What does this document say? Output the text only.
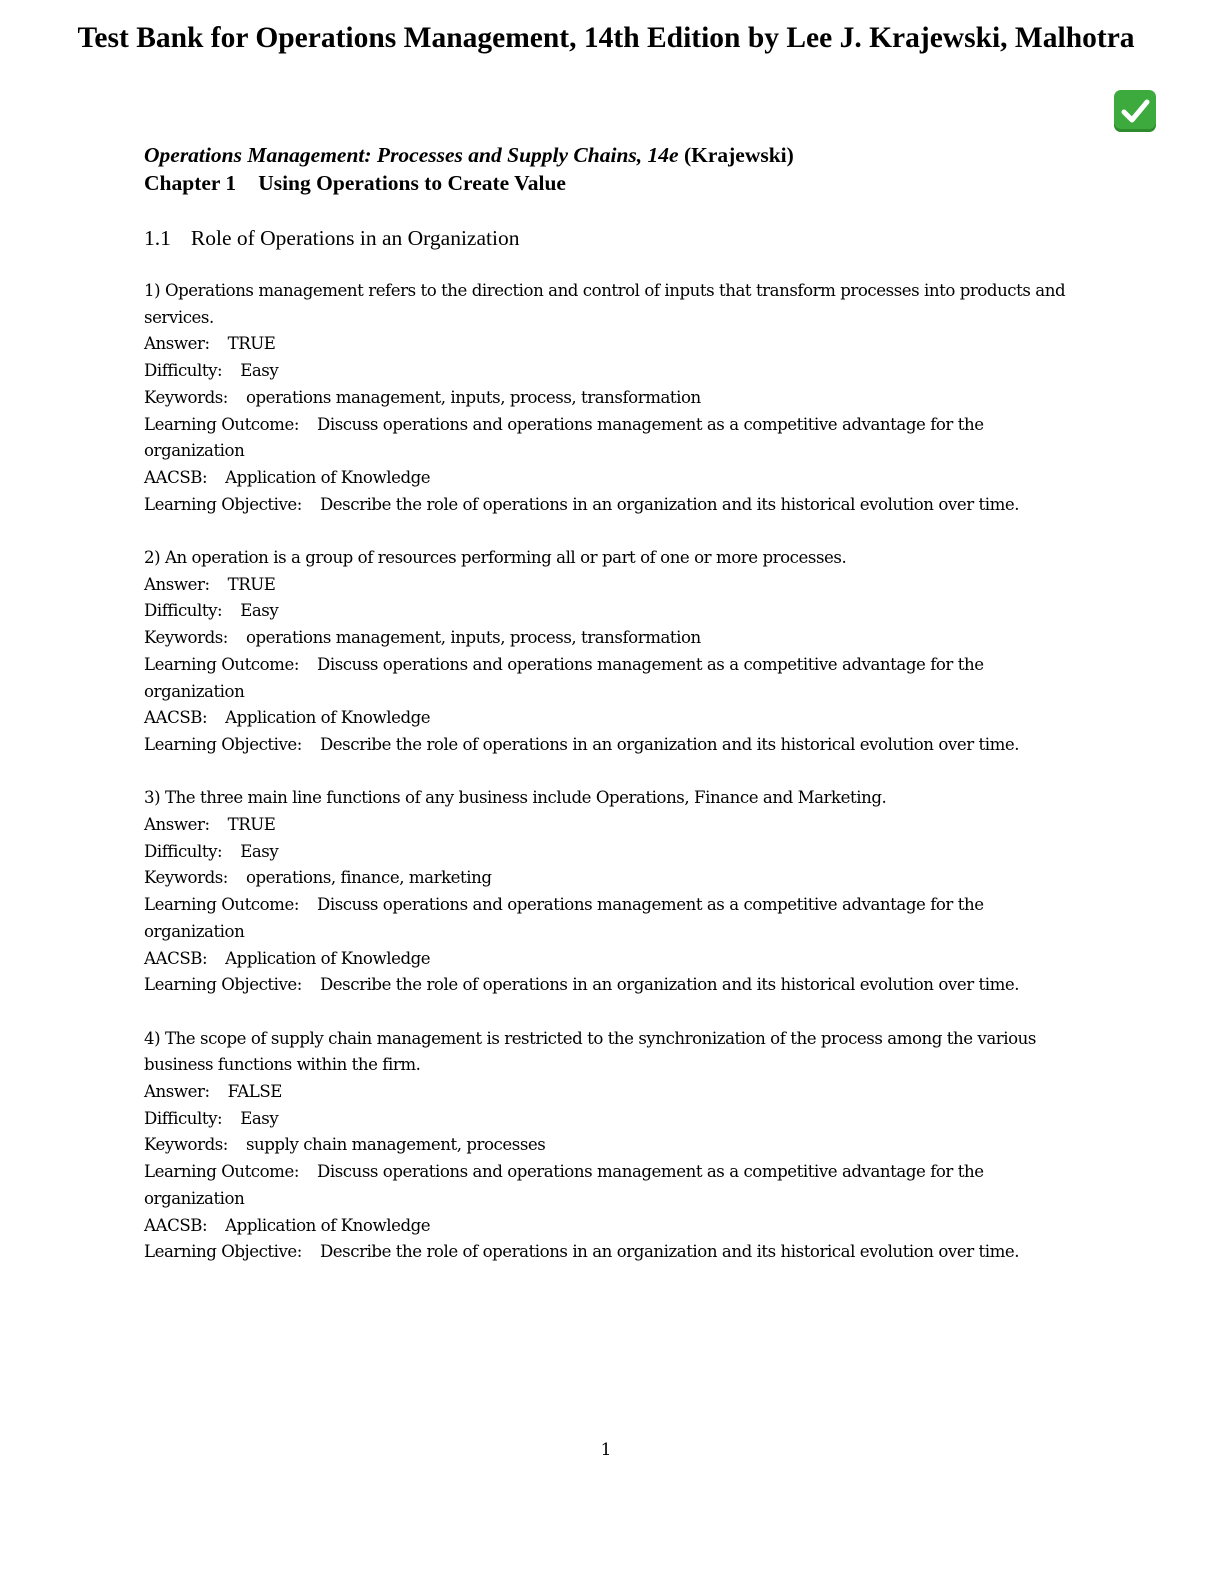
Test Bank for Operations Management, 14th Edition by Lee J. Krajewski, Malhotra
Operations Management: Processes and Supply Chains, 14e (Krajewski)
Chapter 1 Using Operations to Create Value
1.1 Role of Operations in an Organization
1) Operations management refers to the direction and control of inputs that transform processes into products and services.
Answer: TRUE
Difficulty: Easy
Keywords: operations management, inputs, process, transformation
Learning Outcome: Discuss operations and operations management as a competitive advantage for the organization
AACSB: Application of Knowledge
Learning Objective: Describe the role of operations in an organization and its historical evolution over time.
2) An operation is a group of resources performing all or part of one or more processes.
Answer: TRUE
Difficulty: Easy
Keywords: operations management, inputs, process, transformation
Learning Outcome: Discuss operations and operations management as a competitive advantage for the organization
AACSB: Application of Knowledge
Learning Objective: Describe the role of operations in an organization and its historical evolution over time.
3) The three main line functions of any business include Operations, Finance and Marketing.
Answer: TRUE
Difficulty: Easy
Keywords: operations, finance, marketing
Learning Outcome: Discuss operations and operations management as a competitive advantage for the organization
AACSB: Application of Knowledge
Learning Objective: Describe the role of operations in an organization and its historical evolution over time.
4) The scope of supply chain management is restricted to the synchronization of the process among the various business functions within the firm.
Answer: FALSE
Difficulty: Easy
Keywords: supply chain management, processes
Learning Outcome: Discuss operations and operations management as a competitive advantage for the organization
AACSB: Application of Knowledge
Learning Objective: Describe the role of operations in an organization and its historical evolution over time.
1
